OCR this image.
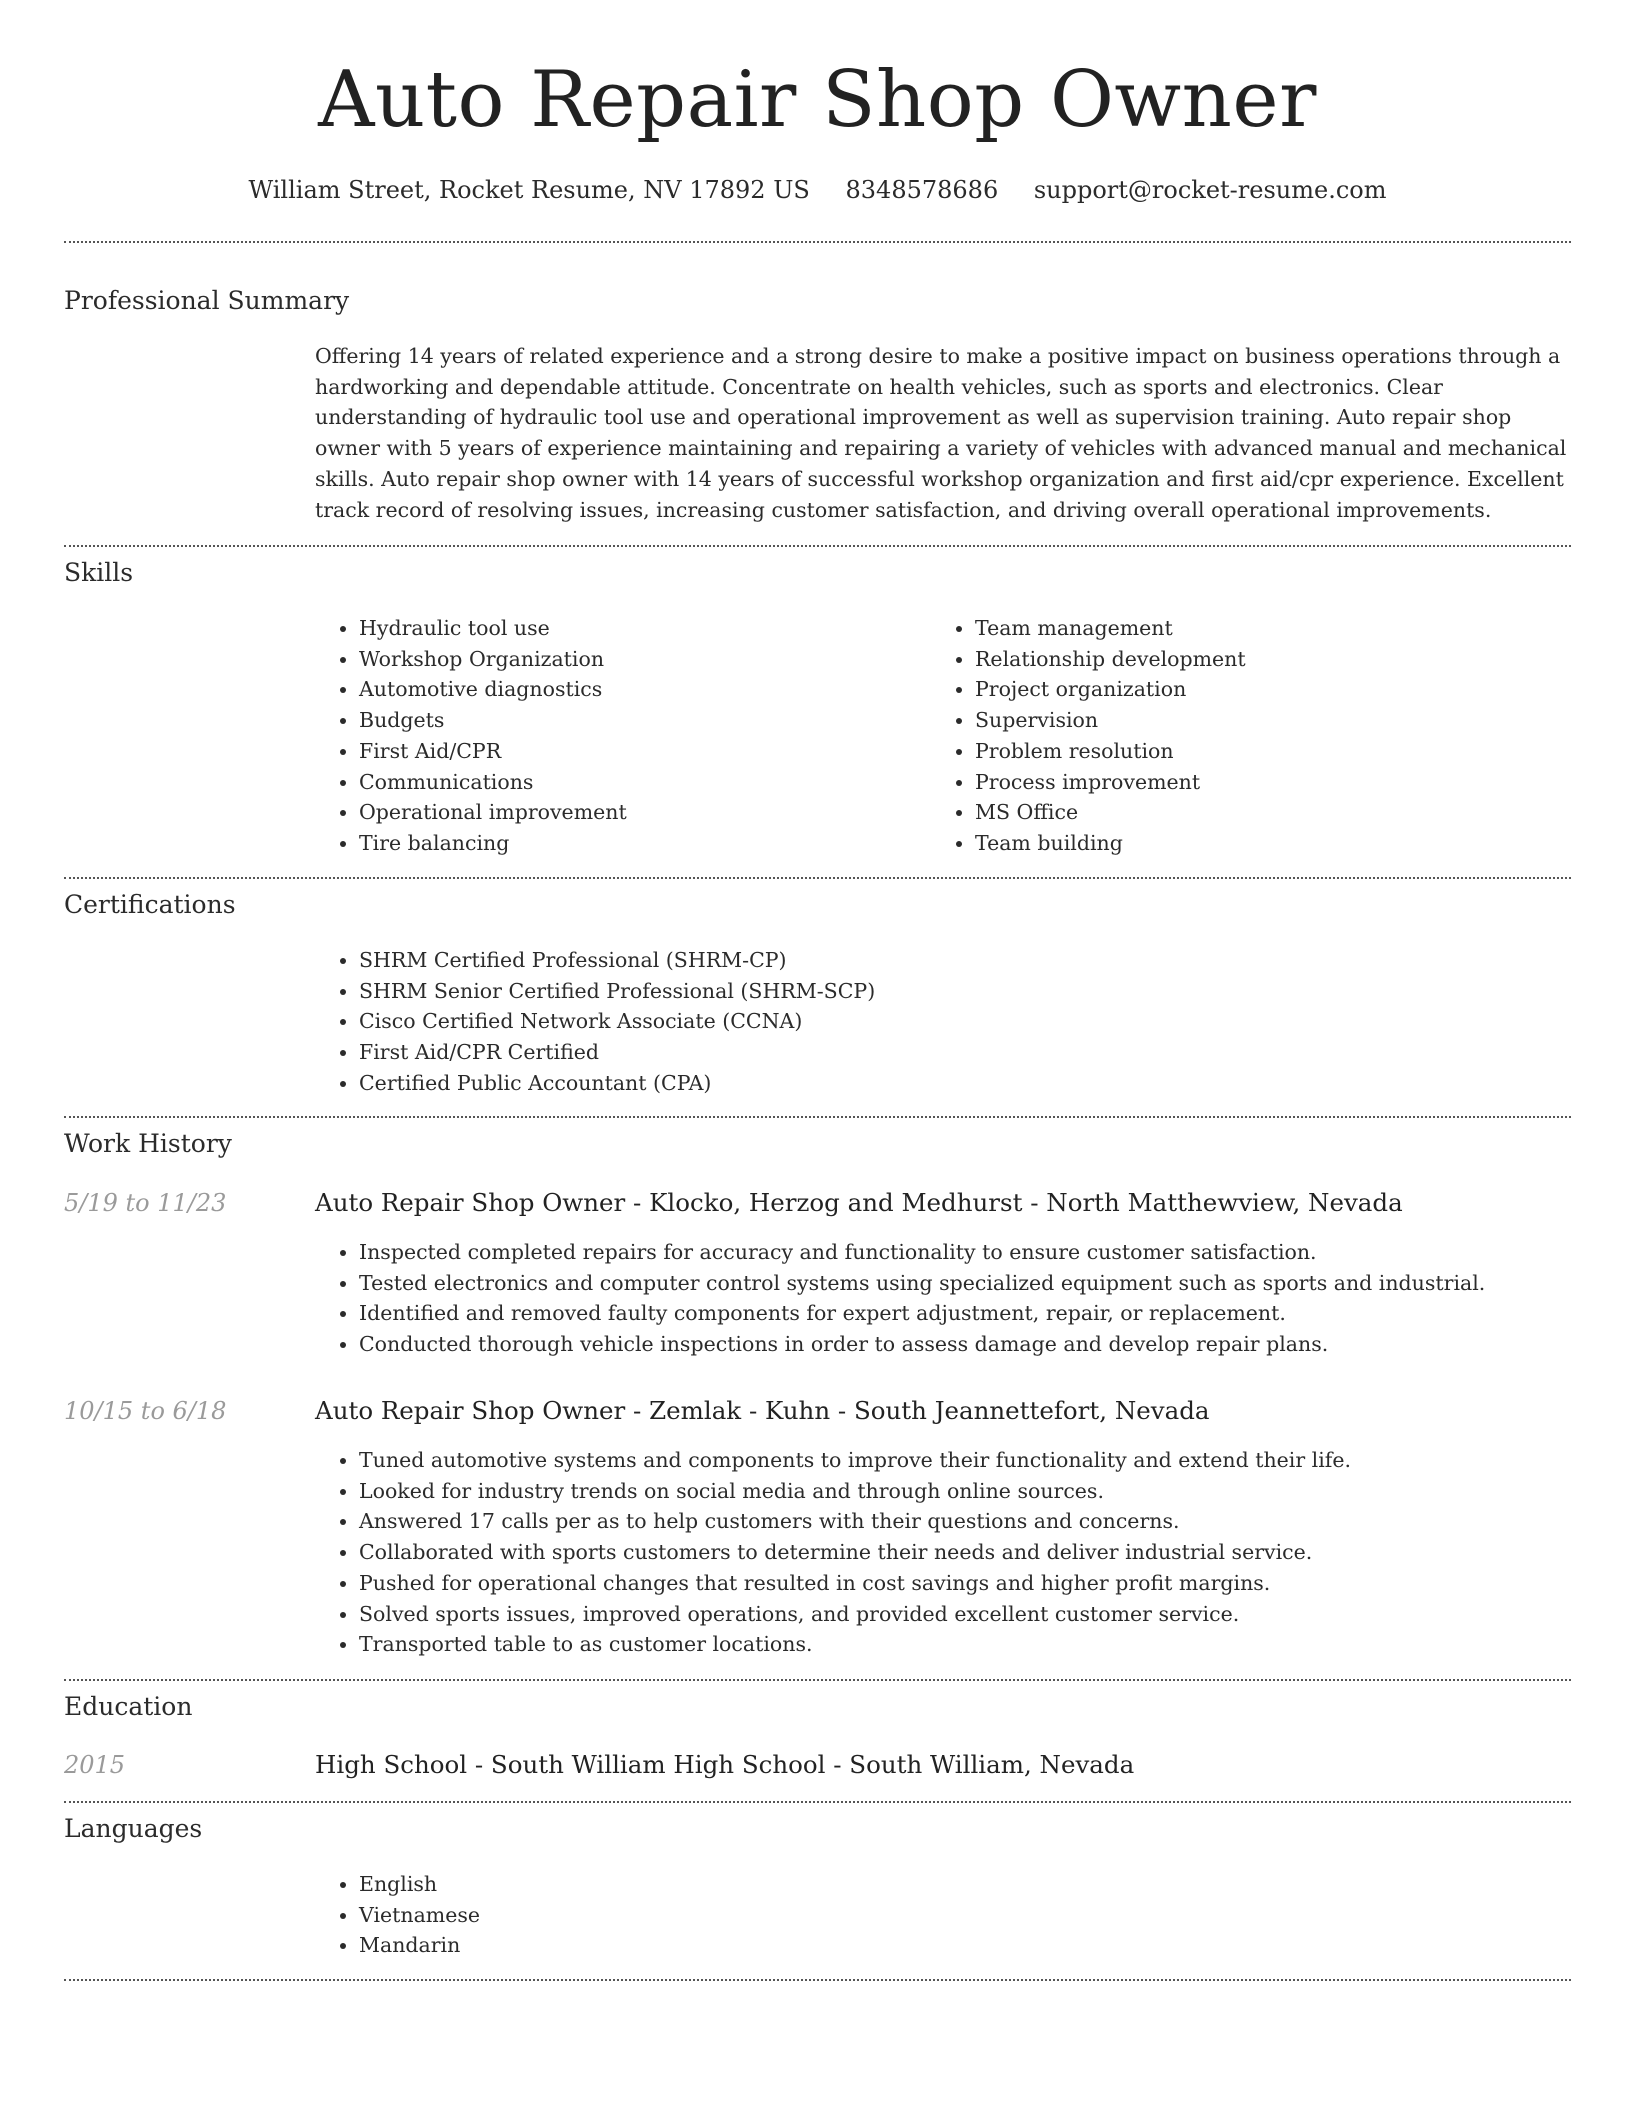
Auto Repair Shop Owner
William Street, Rocket Resume, NV 17892 US 8348578686 support@rocket-resume.com
Professional Summary
Offering 14 years of related experience and a strong desire to make a positive impact on business operations through a hardworking and dependable attitude. Concentrate on health vehicles, such as sports and electronics. Clear understanding of hydraulic tool use and operational improvement as well as supervision training. Auto repair shop owner with 5 years of experience maintaining and repairing a variety of vehicles with advanced manual and mechanical skills. Auto repair shop owner with 14 years of successful workshop organization and first aid/cpr experience. Excellent track record of resolving issues, increasing customer satisfaction, and driving overall operational improvements.
Skills
• Hydraulic tool use
• Workshop Organization
• Automotive diagnostics
• Budgets
• First Aid/CPR
• Communications
• Operational improvement
• Tire balancing
• Team management
• Relationship development
• Project organization
• Supervision
• Problem resolution
• Process improvement
• MS Office
• Team building
Certifications
• SHRM Certified Professional (SHRM-CP)
• SHRM Senior Certified Professional (SHRM-SCP)
• Cisco Certified Network Associate (CCNA)
• First Aid/CPR Certified
• Certified Public Accountant (CPA)
Work History
5/19 to 11/23	Auto Repair Shop Owner - Klocko, Herzog and Medhurst - North Matthewview, Nevada
• Inspected completed repairs for accuracy and functionality to ensure customer satisfaction.
• Tested electronics and computer control systems using specialized equipment such as sports and industrial.
• Identified and removed faulty components for expert adjustment, repair, or replacement.
• Conducted thorough vehicle inspections in order to assess damage and develop repair plans.
10/15 to 6/18	Auto Repair Shop Owner - Zemlak - Kuhn - South Jeannettefort, Nevada
• Tuned automotive systems and components to improve their functionality and extend their life.
• Looked for industry trends on social media and through online sources.
• Answered 17 calls per as to help customers with their questions and concerns.
• Collaborated with sports customers to determine their needs and deliver industrial service.
• Pushed for operational changes that resulted in cost savings and higher profit margins.
• Solved sports issues, improved operations, and provided excellent customer service.
• Transported table to as customer locations.
Education
2015	High School - South William High School - South William, Nevada
Languages
• English
• Vietnamese
• Mandarin
